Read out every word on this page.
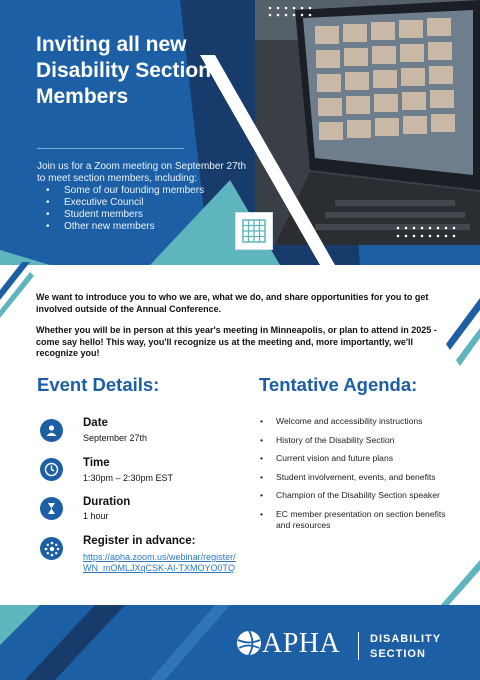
Inviting all new Disability Section Members
Join us for a Zoom meeting on September 27th to meet section members, including:
• Some of our founding members
• Executive Council
• Student members
• Other new members
We want to introduce you to who we are, what we do, and share opportunities for you to get involved outside of the Annual Conference.
Whether you will be in person at this year's meeting in Minneapolis, or plan to attend in 2025 - come say hello! This way, you'll recognize us at the meeting and, more importantly, we'll recognize you!
Event Details:
Date
September 27th
Time
1:30pm – 2:30pm EST
Duration
1 hour
Register in advance:
https://apha.zoom.us/webinar/register/WN_mOMLJXqCSK-AI-TXMOYO0TQ
Tentative Agenda:
• Welcome and accessibility instructions
• History of the Disability Section
• Current vision and future plans
• Student involvement, events, and benefits
• Champion of the Disability Section speaker
• EC member presentation on section benefits and resources
APHA	DISABILITY
SECTION
